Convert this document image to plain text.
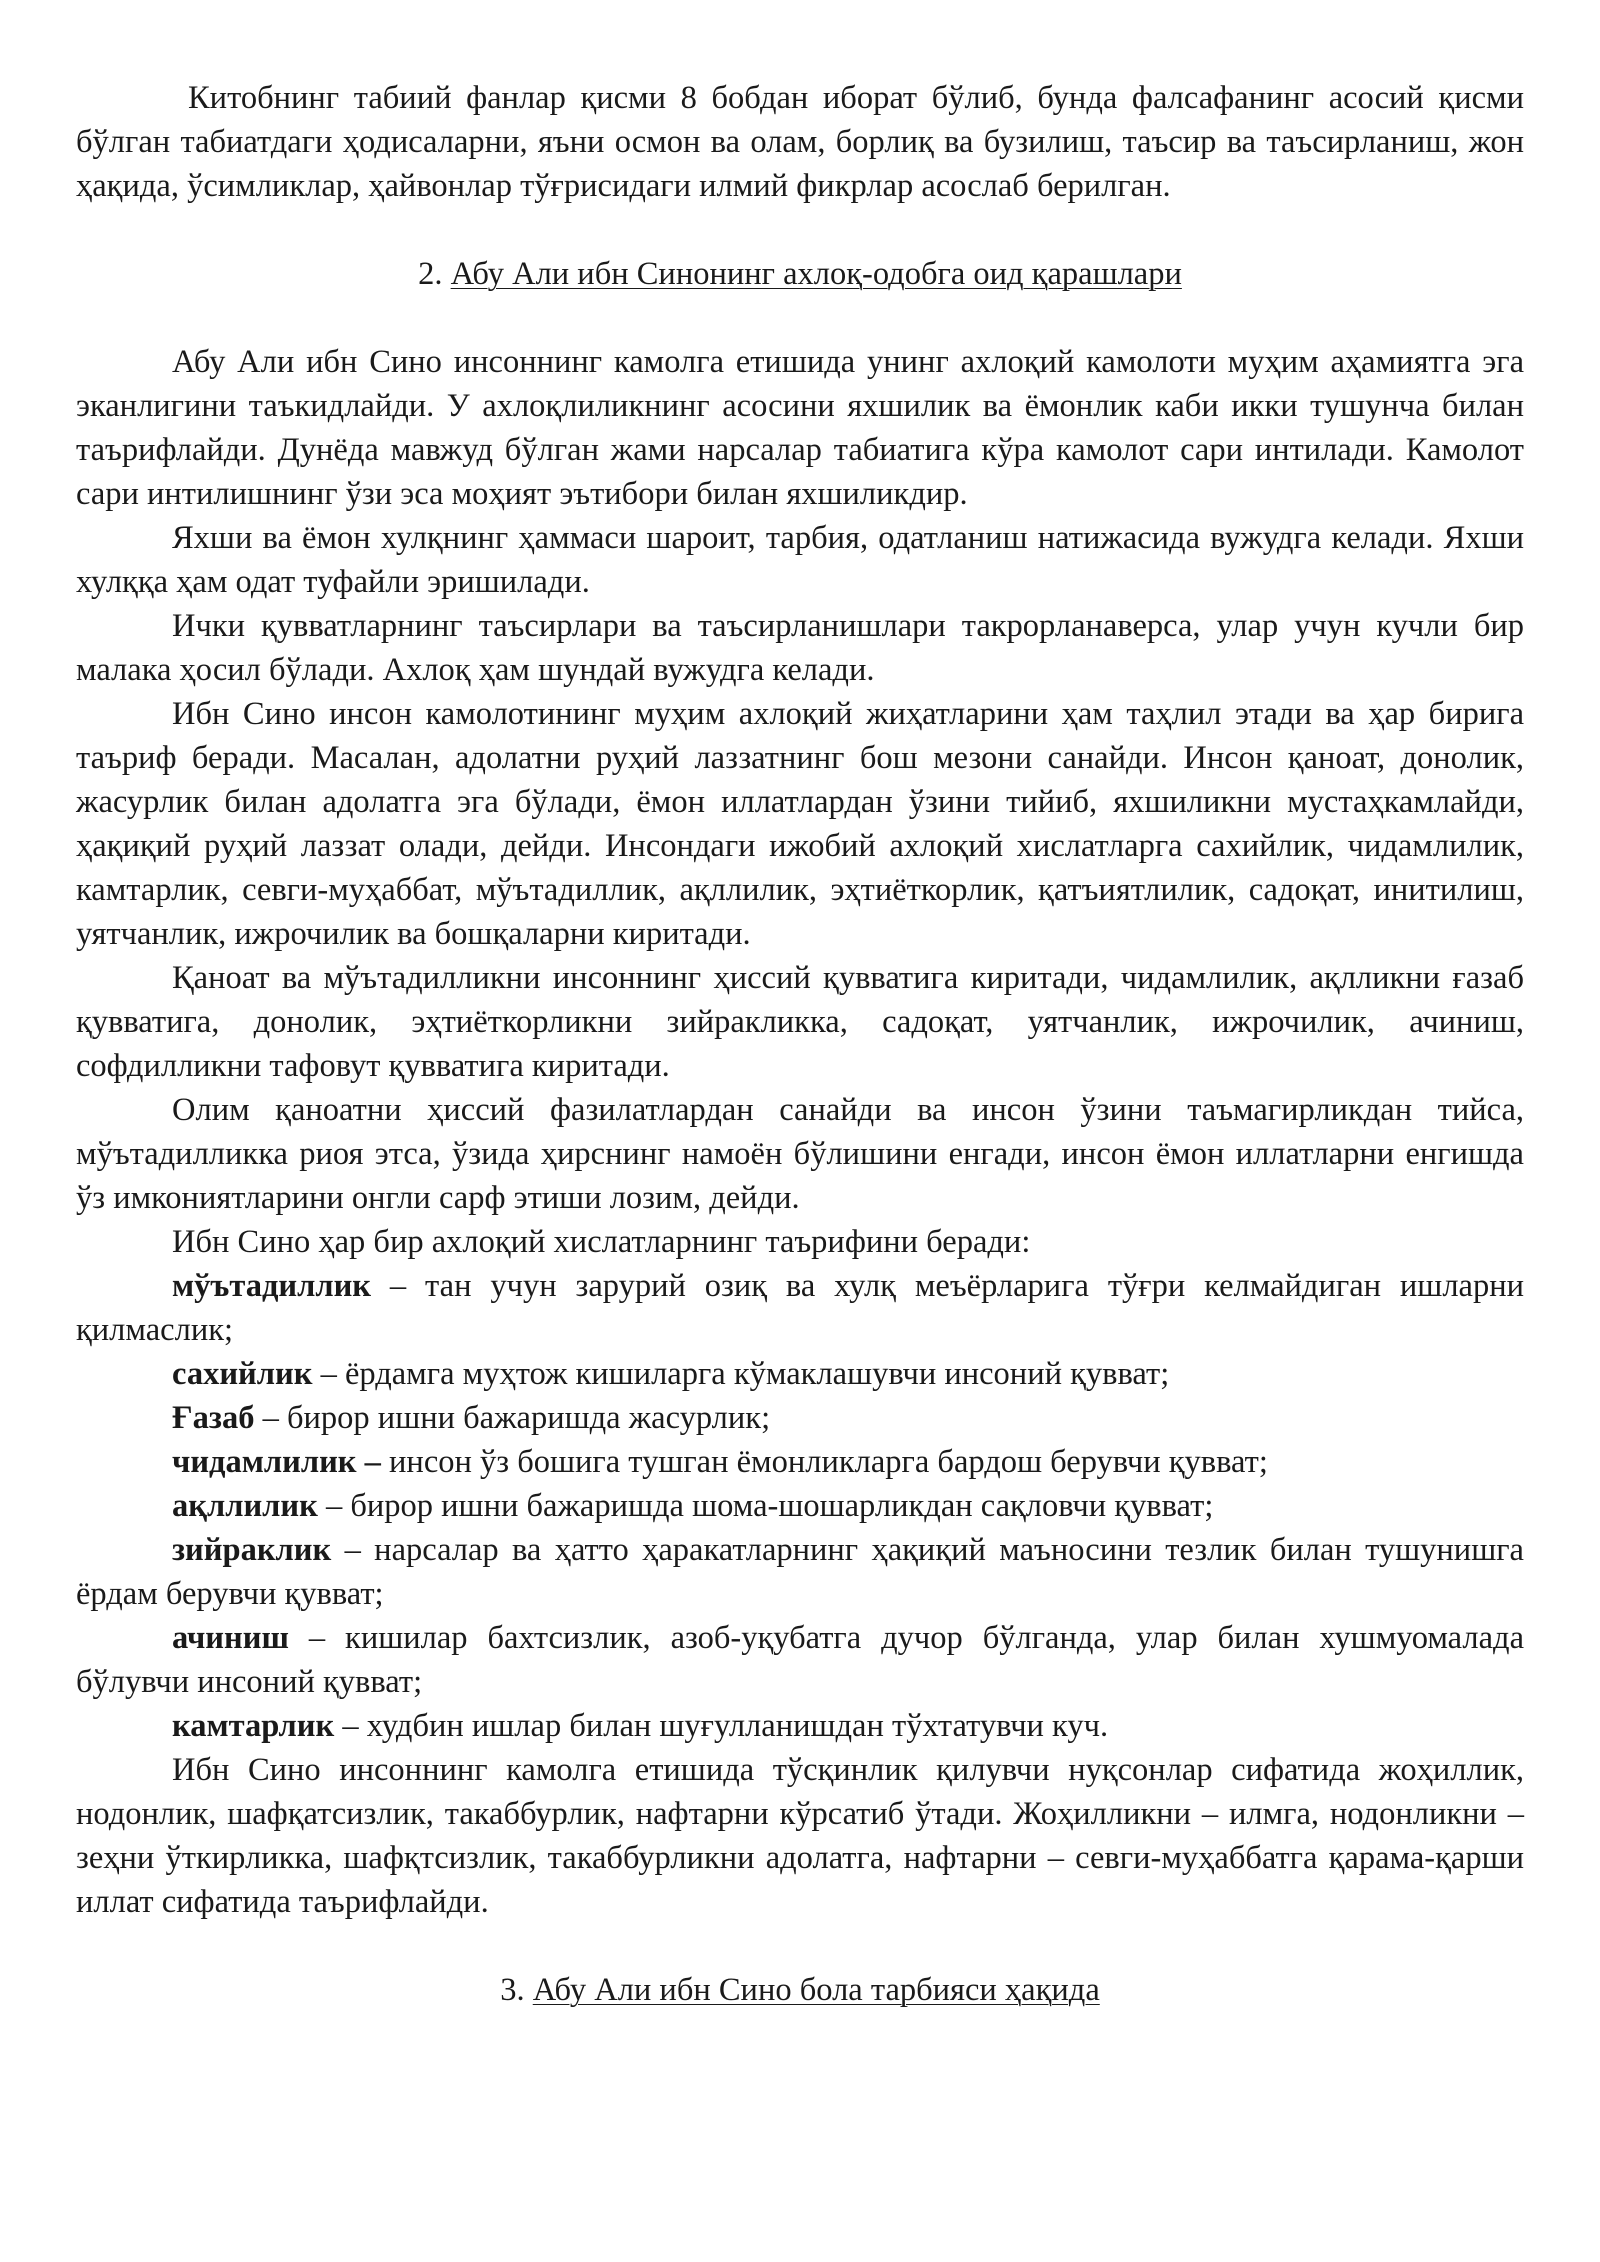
Китобнинг табиий фанлар қисми 8 бобдан иборат бўлиб, бунда фалсафанинг асосий қисми бўлган табиатдаги ҳодисаларни, яъни осмон ва олам, борлиқ ва бузилиш, таъсир ва таъсирланиш, жон ҳақида, ўсимликлар, ҳайвонлар тўғрисидаги илмий фикрлар асослаб берилган.

2. Абу Али ибн Синонинг ахлоқ-одобга оид қарашлари

Абу Али ибн Сино инсоннинг камолга етишида унинг ахлоқий камолоти муҳим аҳамиятга эга эканлигини таъкидлайди. У ахлоқлиликнинг асосини яхшилик ва ёмонлик каби икки тушунча билан таърифлайди. Дунёда мавжуд бўлган жами нарсалар табиатига кўра камолот сари интилади. Камолот сари интилишнинг ўзи эса моҳият эътибори билан яхшиликдир.

Яхши ва ёмон хулқнинг ҳаммаси шароит, тарбия, одатланиш натижасида вужудга келади. Яхши хулққа ҳам одат туфайли эришилади.

Ички қувватларнинг таъсирлари ва таъсирланишлари такрорланаверса, улар учун кучли бир малака ҳосил бўлади. Ахлоқ ҳам шундай вужудга келади.

Ибн Сино инсон камолотининг муҳим ахлоқий жиҳатларини ҳам таҳлил этади ва ҳар бирига таъриф беради. Масалан, адолатни руҳий лаззатнинг бош мезони санайди. Инсон қаноат, донолик, жасурлик билан адолатга эга бўлади, ёмон иллатлардан ўзини тийиб, яхшиликни мустаҳкамлайди, ҳақиқий руҳий лаззат олади, дейди. Инсондаги ижобий ахлоқий хислатларга сахийлик, чидамлилик, камтарлик, севги-муҳаббат, мўътадиллик, ақллилик, эҳтиёткорлик, қатъиятлилик, садоқат, инитилиш, уятчанлик, ижрочилик ва бошқаларни киритади.

Қаноат ва мўътадилликни инсоннинг ҳиссий қувватига киритади, чидамлилик, ақлликни ғазаб қувватига, донолик, эҳтиёткорликни зийракликка, садоқат, уятчанлик, ижрочилик, ачиниш, софдилликни тафовут қувватига киритади.

Олим қаноатни ҳиссий фазилатлардан санайди ва инсон ўзини таъмагирликдан тийса, мўътадилликка риоя этса, ўзида ҳирснинг намоён бўлишини енгади, инсон ёмон иллатларни енгишда ўз имкониятларини онгли сарф этиши лозим, дейди.

Ибн Сино ҳар бир ахлоқий хислатларнинг таърифини беради:

мўътадиллик – тан учун зарурий озиқ ва хулқ меъёрларига тўғри келмайдиган ишларни қилмаслик;

сахийлик – ёрдамга муҳтож кишиларга кўмаклашувчи инсоний қувват;

Ғазаб – бирор ишни бажаришда жасурлик;

чидамлилик – инсон ўз бошига тушган ёмонликларга бардош берувчи қувват;

ақллилик – бирор ишни бажаришда шома-шошарликдан сақловчи қувват;

зийраклик – нарсалар ва ҳатто ҳаракатларнинг ҳақиқий маъносини тезлик билан тушунишга ёрдам берувчи қувват;

ачиниш – кишилар бахтсизлик, азоб-уқубатга дучор бўлганда, улар билан хушмуомалада бўлувчи инсоний қувват;

камтарлик – худбин ишлар билан шуғулланишдан тўхтатувчи куч.

Ибн Сино инсоннинг камолга етишида тўсқинлик қилувчи нуқсонлар сифатида жоҳиллик, нодонлик, шафқатсизлик, такаббурлик, нафтарни кўрсатиб ўтади. Жоҳилликни – илмга, нодонликни – зеҳни ўткирликка, шафқтсизлик, такаббурликни адолатга, нафтарни – севги-муҳаббатга қарама-қарши иллат сифатида таърифлайди.

3. Абу Али ибн Сино бола тарбияси ҳақида
